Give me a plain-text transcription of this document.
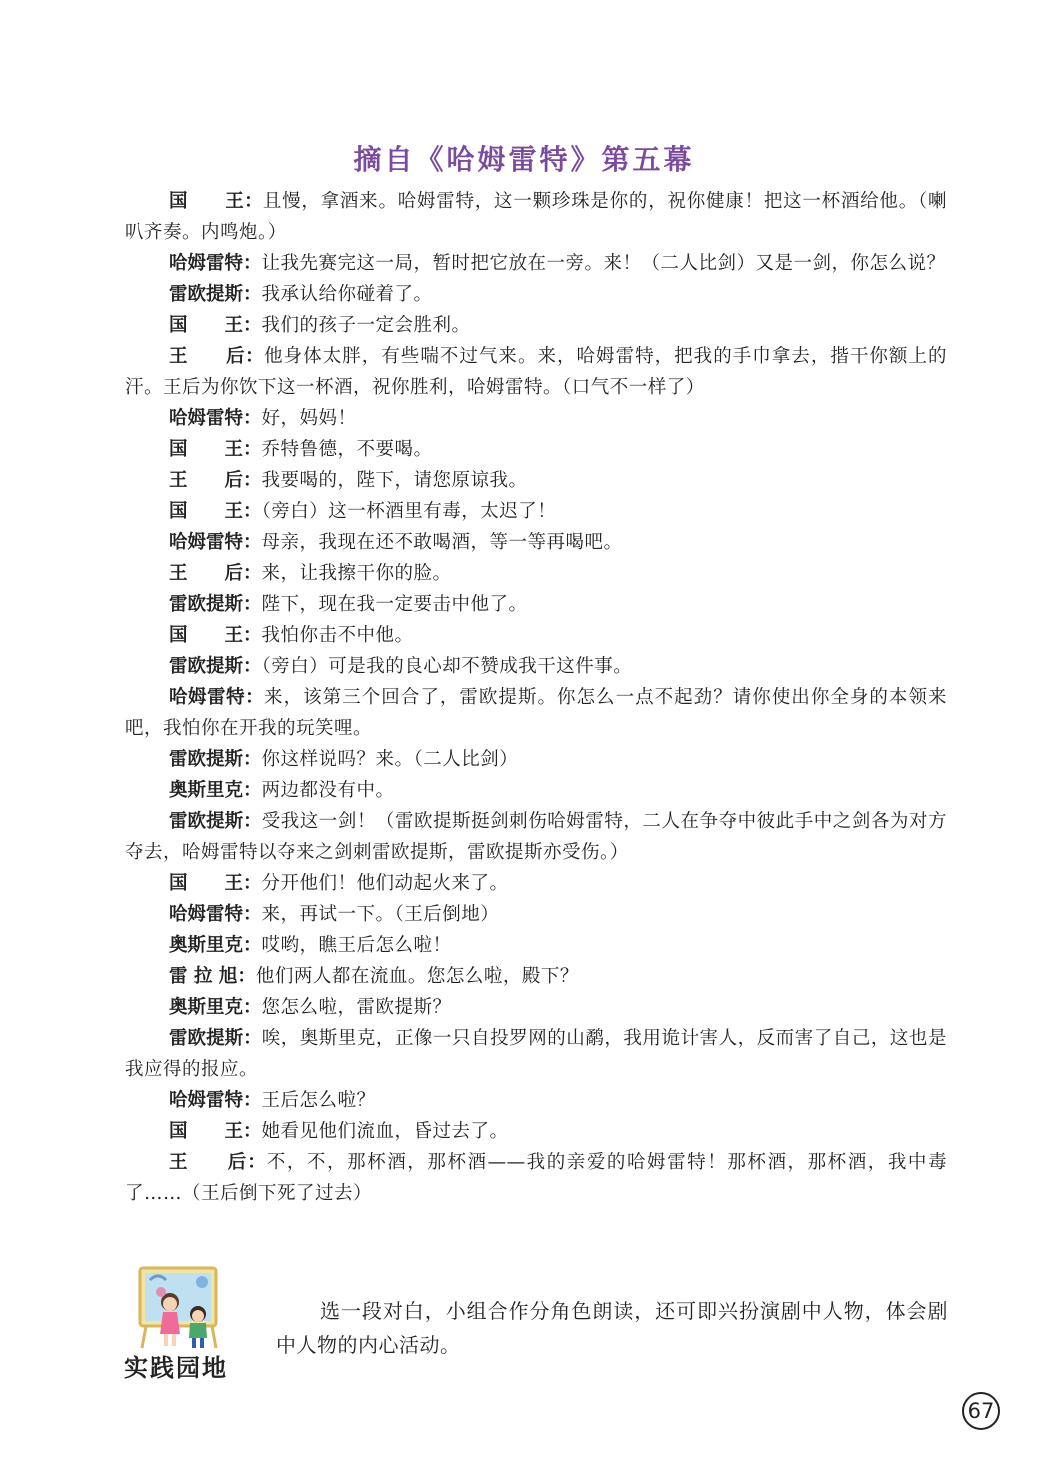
摘自《哈姆雷特》第五幕
国　　王：且慢，拿酒来。哈姆雷特，这一颗珍珠是你的，祝你健康！把这一杯酒给他。（喇叭齐奏。内鸣炮。）
哈姆雷特：让我先赛完这一局，暂时把它放在一旁。来！（二人比剑）又是一剑，你怎么说？
雷欧提斯：我承认给你碰着了。
国　　王：我们的孩子一定会胜利。
王　　后：他身体太胖，有些喘不过气来。来，哈姆雷特，把我的手巾拿去，揩干你额上的汗。王后为你饮下这一杯酒，祝你胜利，哈姆雷特。（口气不一样了）
哈姆雷特：好，妈妈！
国　　王：乔特鲁德，不要喝。
王　　后：我要喝的，陛下，请您原谅我。
国　　王：（旁白）这一杯酒里有毒，太迟了！
哈姆雷特：母亲，我现在还不敢喝酒，等一等再喝吧。
王　　后：来，让我擦干你的脸。
雷欧提斯：陛下，现在我一定要击中他了。
国　　王：我怕你击不中他。
雷欧提斯：（旁白）可是我的良心却不赞成我干这件事。
哈姆雷特：来，该第三个回合了，雷欧提斯。你怎么一点不起劲？请你使出你全身的本领来吧，我怕你在开我的玩笑哩。
雷欧提斯：你这样说吗？来。（二人比剑）
奥斯里克：两边都没有中。
雷欧提斯：受我这一剑！（雷欧提斯挺剑刺伤哈姆雷特，二人在争夺中彼此手中之剑各为对方夺去，哈姆雷特以夺来之剑刺雷欧提斯，雷欧提斯亦受伤。）
国　　王：分开他们！他们动起火来了。
哈姆雷特：来，再试一下。（王后倒地）
奥斯里克：哎哟，瞧王后怎么啦！
雷 拉 旭：他们两人都在流血。您怎么啦，殿下？
奥斯里克：您怎么啦，雷欧提斯？
雷欧提斯：唉，奥斯里克，正像一只自投罗网的山鹬，我用诡计害人，反而害了自己，这也是我应得的报应。
哈姆雷特：王后怎么啦？
国　　王：她看见他们流血，昏过去了。
王　　后：不，不，那杯酒，那杯酒——我的亲爱的哈姆雷特！那杯酒，那杯酒，我中毒了……（王后倒下死了过去）
实践园地
选一段对白，小组合作分角色朗读，还可即兴扮演剧中人物，体会剧中人物的内心活动。
67
